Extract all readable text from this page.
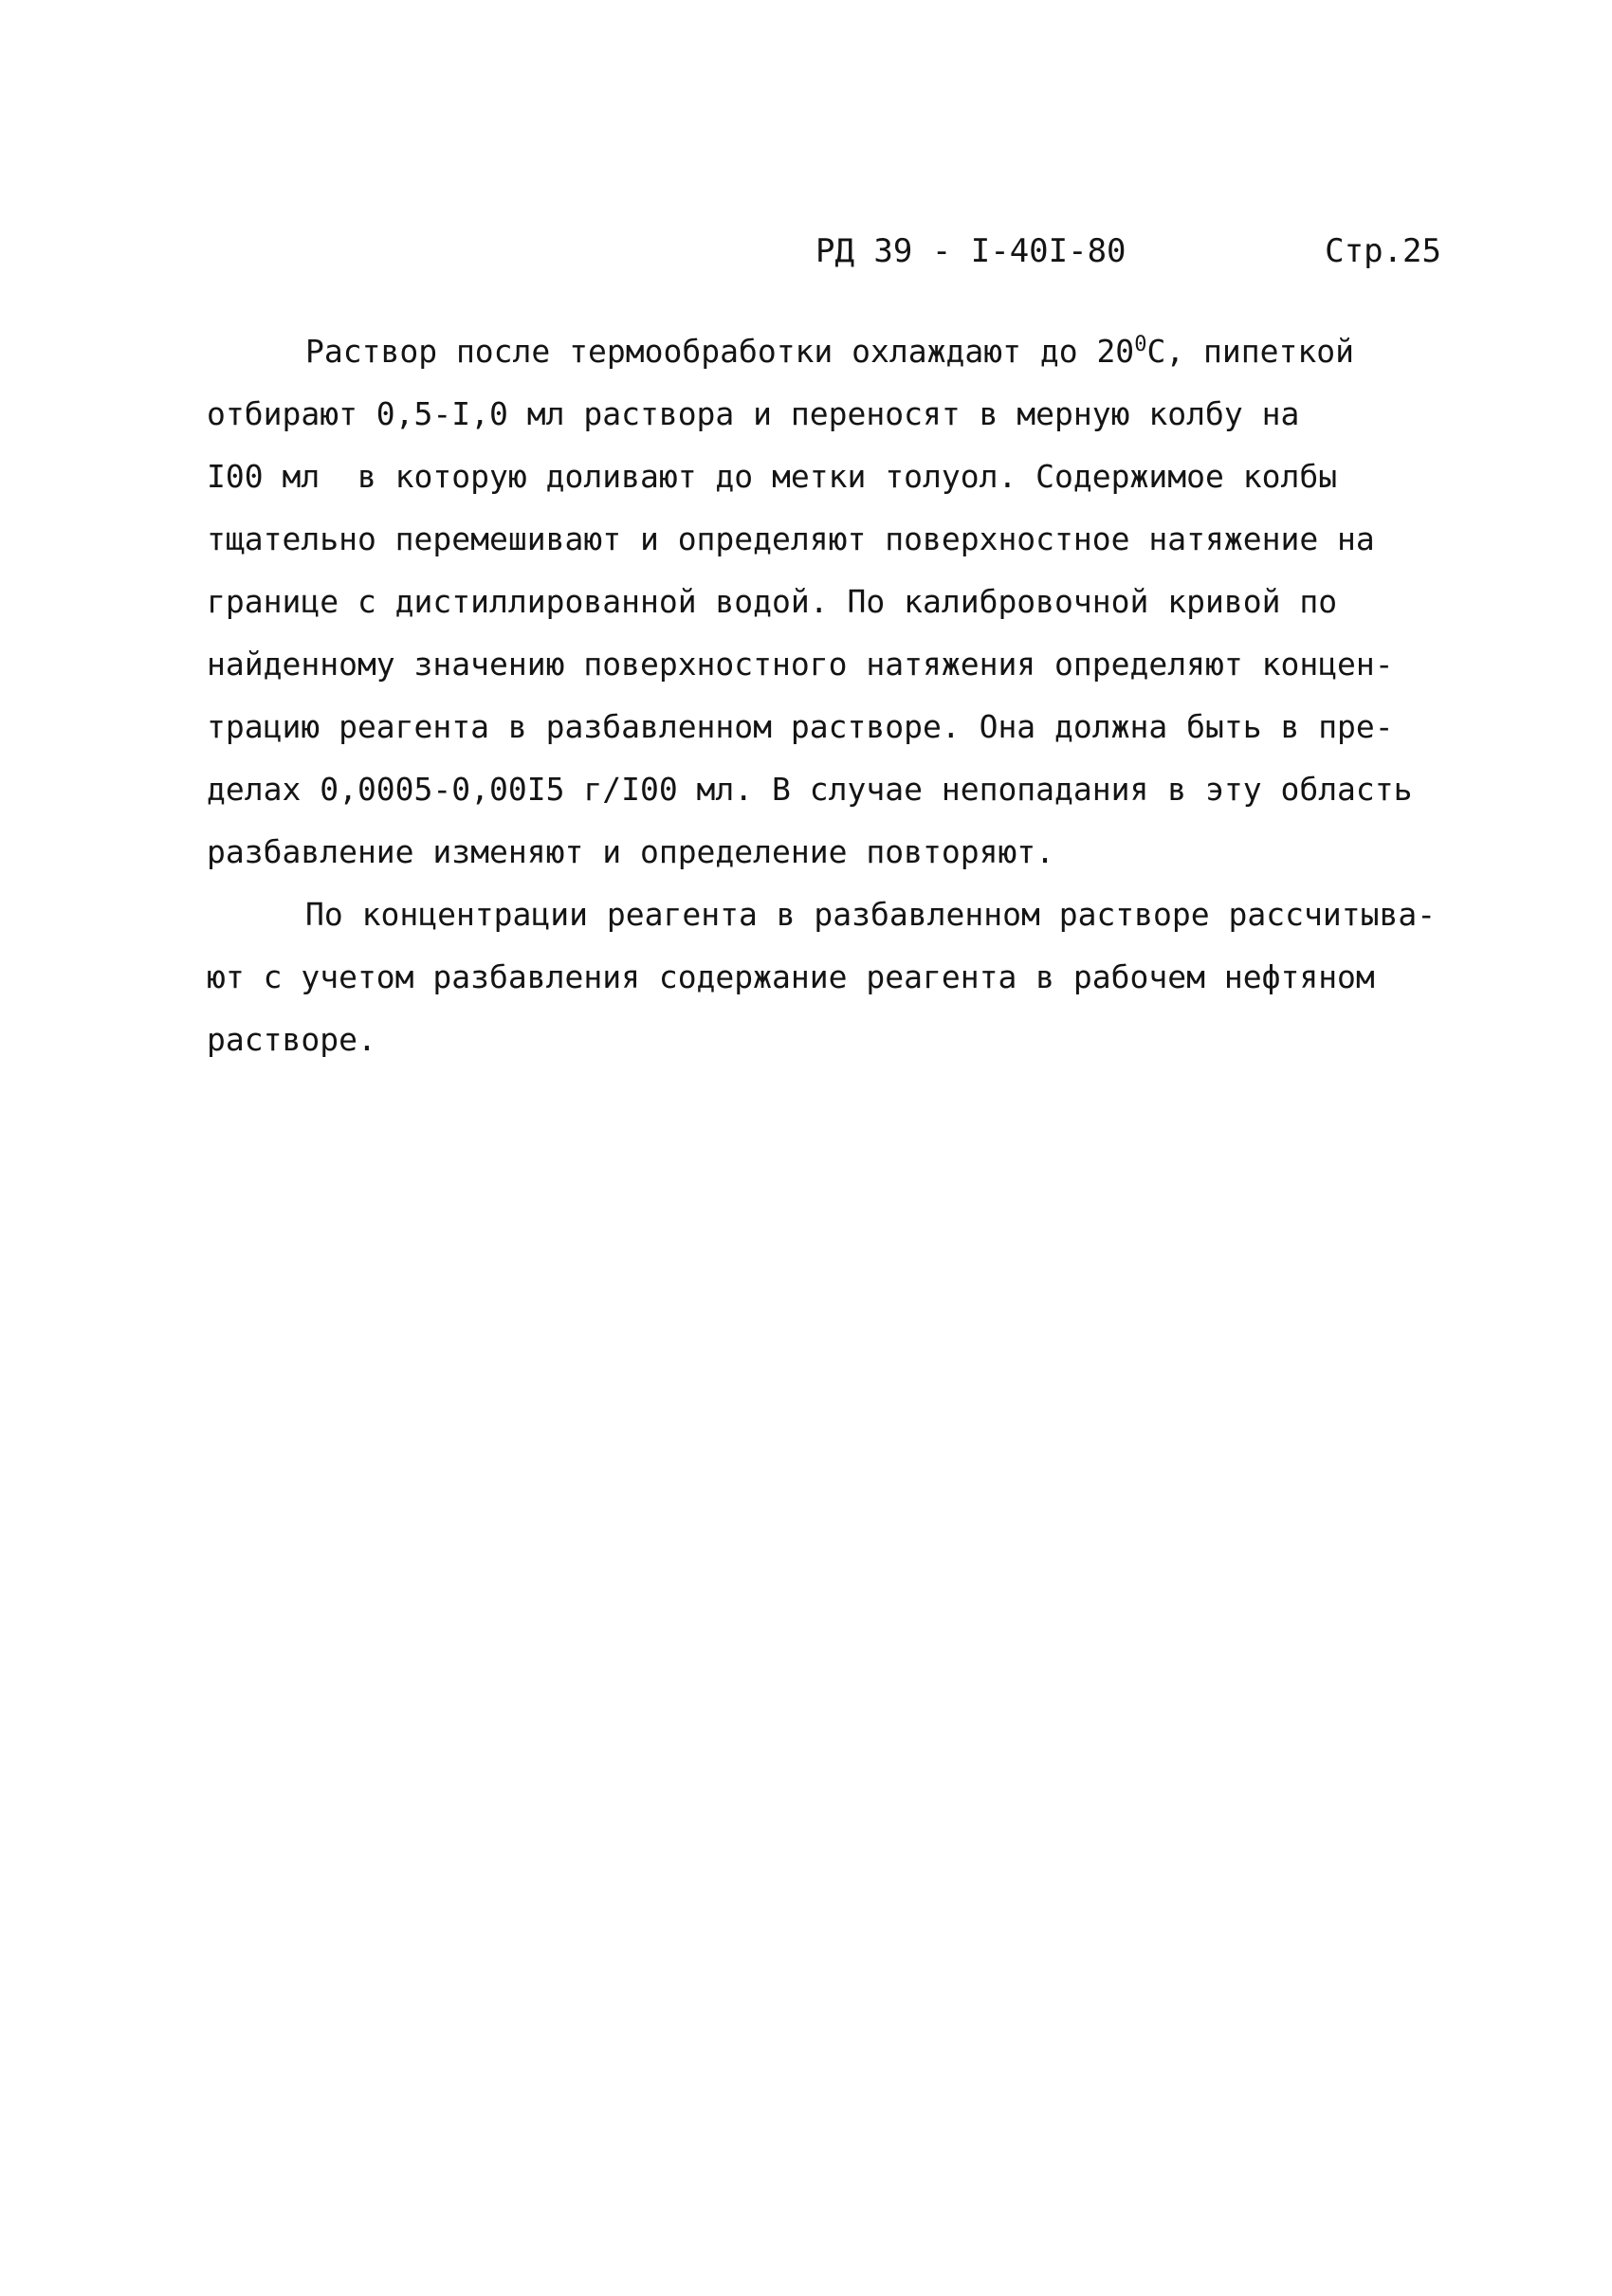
РД 39 - I-40I-80	Стр.25

Раствор после термообработки охлаждают до $20^0С$, пипеткой
отбирают 0,5-I,0 мл раствора и переносят в мерную колбу на
I00 мл  в которую доливают до метки толуол. Содержимое колбы
тщательно перемешивают и определяют поверхностное натяжение на
границе с дистиллированной водой. По калибровочной кривой по
найденному значению поверхностного натяжения определяют концен-
трацию реагента в разбавленном растворе. Она должна быть в пре-
делах 0,0005-0,00I5 г/I00 мл. В случае непопадания в эту область
разбавление изменяют и определение повторяют.

По концентрации реагента в разбавленном растворе рассчитыва-
ют с учетом разбавления содержание реагента в рабочем нефтяном
растворе.
